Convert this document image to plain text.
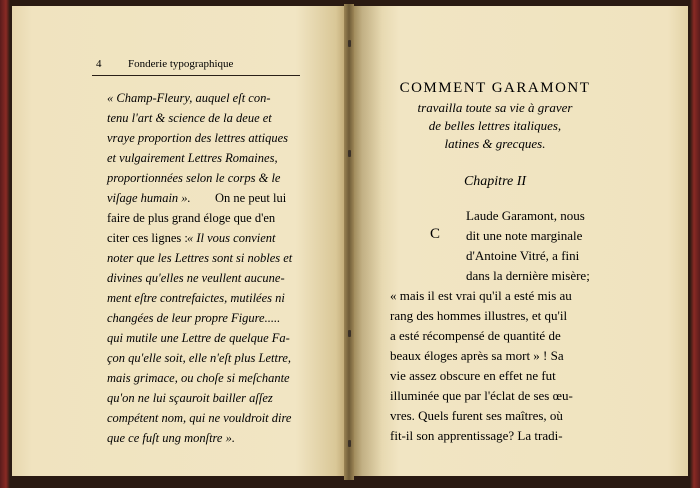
4 Fonderie typographique
« Champ-Fleury, auquel eſt con-
tenu l'art & science de la deue et
vraye proportion des lettres attiques
et vulgairement Lettres Romaines,
proportionnées selon le corps & le
viſage humain ». On ne peut lui
faire de plus grand éloge que d'en
citer ces lignes : « Il vous convient
noter que les Lettres sont si nobles et
divines qu'elles ne veullent aucune-
ment eſtre contrefaictes, mutilées ni
changées de leur propre Figure.....
qui mutile une Lettre de quelque Fa-
çon qu'elle soit, elle n'eſt plus Lettre,
mais grimace, ou choſe si meſchante
qu'on ne lui sçauroit bailler aſſez
compétent nom, qui ne vouldroit dire
que ce fuſt ung monſtre ».
COMMENT GARAMONT
travailla toute sa vie à graver
de belles lettres italiques,
latines & grecques.
Chapitre II
C
Laude Garamont, nous
dit une note marginale
d'Antoine Vitré, a fini
dans la dernière misère;
« mais il est vrai qu'il a esté mis au
rang des hommes illustres, et qu'il
a esté récompensé de quantité de
beaux éloges après sa mort » ! Sa
vie assez obscure en effet ne fut
illuminée que par l'éclat de ses œu-
vres. Quels furent ses maîtres, où
fit-il son apprentissage? La tradi-
